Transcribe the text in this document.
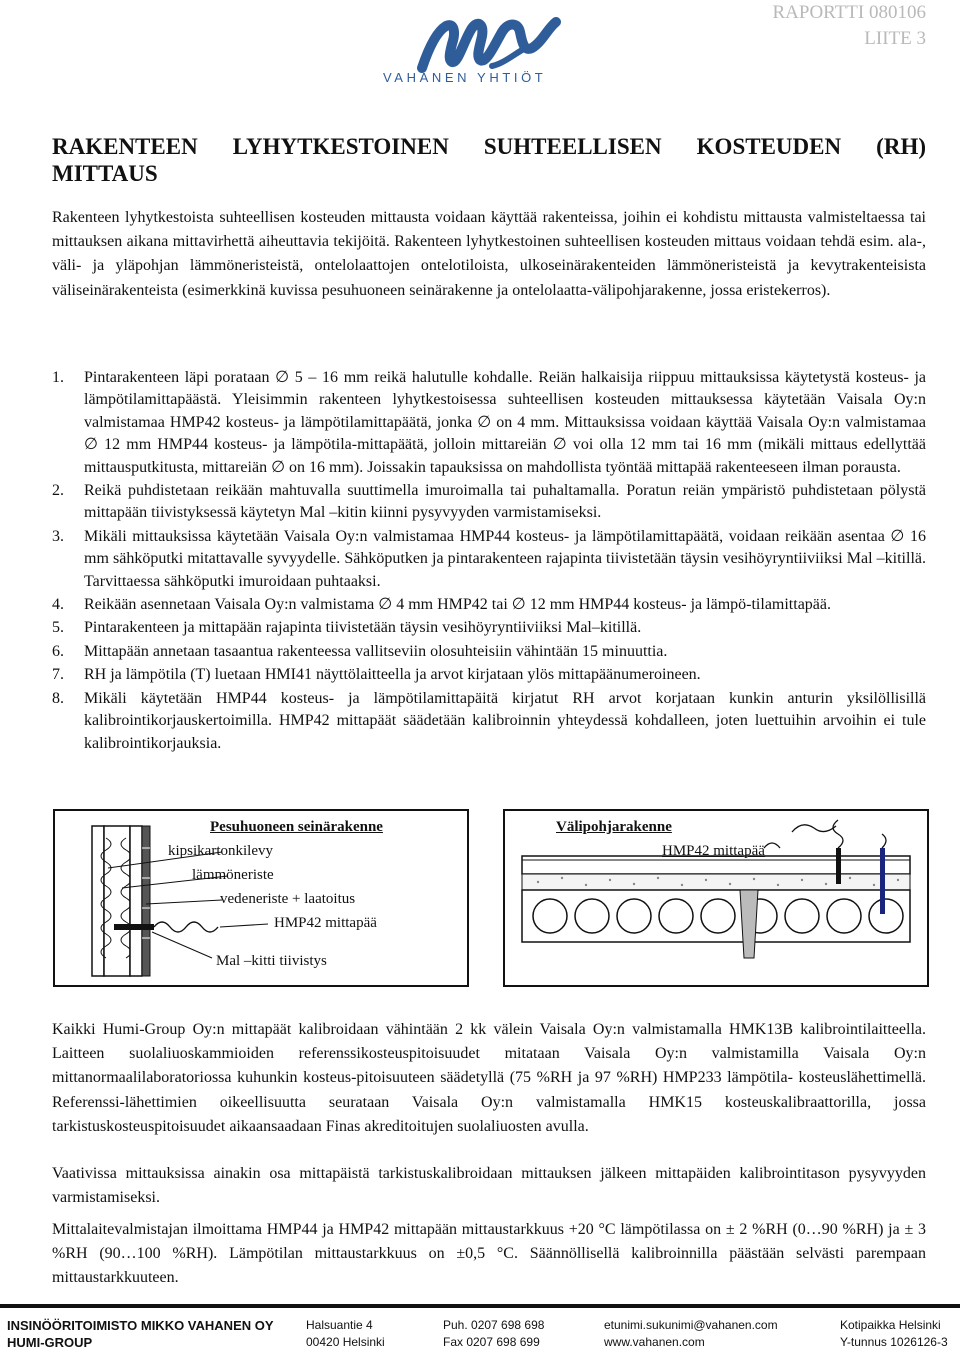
RAPORTTI 080106
LIITE 3
VAHANEN YHTIÖT
RAKENTEEN LYHYTKESTOINEN SUHTEELLISEN KOSTEUDEN (RH)
MITTAUS

Rakenteen lyhytkestoista suhteellisen kosteuden mittausta voidaan käyttää rakenteissa, joihin ei kohdistu mittausta valmisteltaessa tai mittauksen aikana mittavirhettä aiheuttavia tekijöitä. Rakenteen lyhytkestoinen suhteellisen kosteuden mittaus voidaan tehdä esim. ala-, väli- ja yläpohjan lämmöneristeistä, ontelolaattojen ontelotiloista, ulkoseinärakenteiden lämmöneristeistä ja kevytrakenteisista väliseinärakenteista (esimerkkinä kuvissa pesuhuoneen seinärakenne ja ontelolaatta-välipohjarakenne, jossa eristekerros).

1. Pintarakenteen läpi porataan ∅ 5 – 16 mm reikä halutulle kohdalle. Reiän halkaisija riippuu mittauksissa käytetystä kosteus- ja lämpötilamittapäästä. Yleisimmin rakenteen lyhytkestoisessa suhteellisen kosteuden mittauksessa käytetään Vaisala Oy:n valmistamaa HMP42 kosteus- ja lämpötilamittapäätä, jonka ∅ on 4 mm. Mittauksissa voidaan käyttää Vaisala Oy:n valmistamaa ∅ 12 mm HMP44 kosteus- ja lämpötila-mittapäätä, jolloin mittareiän ∅ voi olla 12 mm tai 16 mm (mikäli mittaus edellyttää mittausputkitusta, mittareiän ∅ on 16 mm). Joissakin tapauksissa on mahdollista työntää mittapää rakenteeseen ilman porausta.
2. Reikä puhdistetaan reikään mahtuvalla suuttimella imuroimalla tai puhaltamalla. Poratun reiän ympäristö puhdistetaan pölystä mittapään tiivistyksessä käytetyn Mal –kitin kiinni pysyvyyden varmistamiseksi.
3. Mikäli mittauksissa käytetään Vaisala Oy:n valmistamaa HMP44 kosteus- ja lämpötilamittapäätä, voidaan reikään asentaa ∅ 16 mm sähköputki mitattavalle syvyydelle. Sähköputken ja pintarakenteen rajapinta tiivistetään täysin vesihöyryntiiviiksi Mal –kitillä. Tarvittaessa sähköputki imuroidaan puhtaaksi.
4. Reikään asennetaan Vaisala Oy:n valmistama ∅ 4 mm HMP42 tai ∅ 12 mm HMP44 kosteus- ja lämpö-tilamittapää.
5. Pintarakenteen ja mittapään rajapinta tiivistetään täysin vesihöyryntiiviiksi Mal–kitillä.
6. Mittapään annetaan tasaantua rakenteessa vallitseviin olosuhteisiin vähintään 15 minuuttia.
7. RH ja lämpötila (T) luetaan HMI41 näyttölaitteella ja arvot kirjataan ylös mittapäänumeroineen.
8. Mikäli käytetään HMP44 kosteus- ja lämpötilamittapäitä kirjatut RH arvot korjataan kunkin anturin yksilöllisillä kalibrointikorjauskertoimilla. HMP42 mittapäät säädetään kalibroinnin yhteydessä kohdalleen, joten luettuihin arvoihin ei tule kalibrointikorjauksia.
Pesuhuoneen seinärakenne
kipsikartonkilevy
lämmöneriste
vedeneriste + laatoitus
HMP42 mittapää
Mal –kitti tiivistys
Välipohjarakenne
HMP42 mittapää

Kaikki Humi-Group Oy:n mittapäät kalibroidaan vähintään 2 kk välein Vaisala Oy:n valmistamalla HMK13B kalibrointilaitteella. Laitteen suolaliuoskammioiden referenssikosteuspitoisuudet mitataan Vaisala Oy:n valmistamilla Vaisala Oy:n mittanormaalilaboratoriossa kuhunkin kosteus-pitoisuuteen säädetyllä (75 %RH ja 97 %RH) HMP233 lämpötila- kosteuslähettimellä. Referenssi-lähettimien oikeellisuutta seurataan Vaisala Oy:n valmistamalla HMK15 kosteuskalibraattorilla, jossa tarkistuskosteuspitoisuudet aikaansaadaan Finas akreditoitujen suolaliuosten avulla.

Vaativissa mittauksissa ainakin osa mittapäistä tarkistuskalibroidaan mittauksen jälkeen mittapäiden kalibrointitason pysyvyyden varmistamiseksi.

Mittalaitevalmistajan ilmoittama HMP44 ja HMP42 mittapään mittaustarkkuus +20 °C lämpötilassa on ± 2 %RH (0…90 %RH) ja ± 3 %RH (90…100 %RH). Lämpötilan mittaustarkkuus on ±0,5 °C. Säännöllisellä kalibroinnilla päästään selvästi parempaan mittaustarkkuuteen.

INSINÖÖRITOIMISTO MIKKO VAHANEN OY
HUMI-GROUP
Halsuantie 4
00420 Helsinki
Puh. 0207 698 698
Fax 0207 698 699
etunimi.sukunimi@vahanen.com
www.vahanen.com
Kotipaikka Helsinki
Y-tunnus 1026126-3
